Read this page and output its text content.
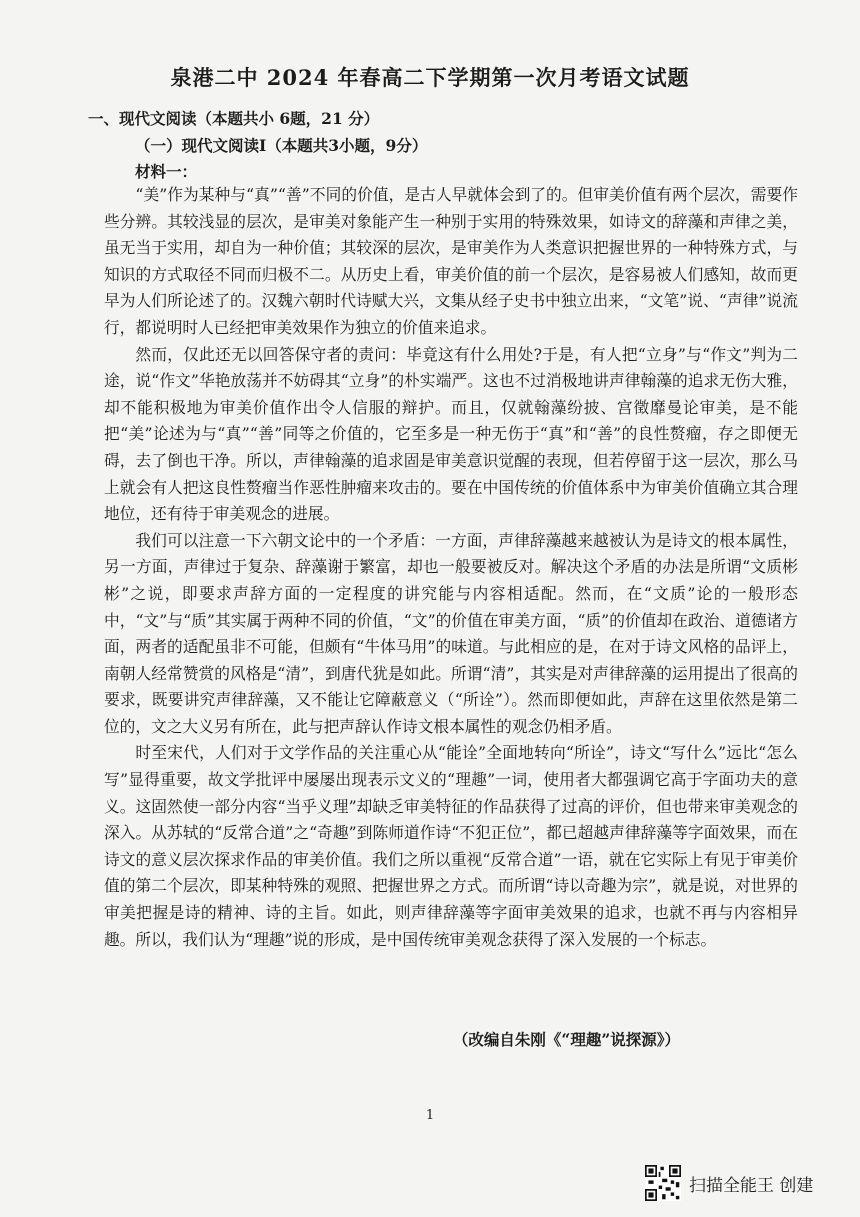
泉港二中 2024 年春高二下学期第一次月考语文试题
一、现代文阅读（本题共小 6题，21 分）
（一）现代文阅读Ⅰ（本题共3小题，9分）
材料一：

“美”作为某种与“真”“善”不同的价值，是古人早就体会到了的。但审美价值有两个层次，需要作些分辨。其较浅显的层次，是审美对象能产生一种别于实用的特殊效果，如诗文的辞藻和声律之美，虽无当于实用，却自为一种价值；其较深的层次，是审美作为人类意识把握世界的一种特殊方式，与知识的方式取径不同而归极不二。从历史上看，审美价值的前一个层次，是容易被人们感知，故而更早为人们所论述了的。汉魏六朝时代诗赋大兴，文集从经子史书中独立出来，“文笔”说、“声律”说流行，都说明时人已经把审美效果作为独立的价值来追求。

然而，仅此还无以回答保守者的责问：毕竟这有什么用处?于是，有人把“立身”与“作文”判为二途，说“作文”华艳放荡并不妨碍其“立身”的朴实端严。这也不过消极地讲声律翰藻的追求无伤大雅，却不能积极地为审美价值作出令人信服的辩护。而且，仅就翰藻纷披、宫徵靡曼论审美，是不能把“美”论述为与“真”“善”同等之价值的，它至多是一种无伤于“真”和“善”的良性赘瘤，存之即便无碍，去了倒也干净。所以，声律翰藻的追求固是审美意识觉醒的表现，但若停留于这一层次，那么马上就会有人把这良性赘瘤当作恶性肿瘤来攻击的。要在中国传统的价值体系中为审美价值确立其合理地位，还有待于审美观念的进展。

我们可以注意一下六朝文论中的一个矛盾：一方面，声律辞藻越来越被认为是诗文的根本属性，另一方面，声律过于复杂、辞藻谢于繁富，却也一般要被反对。解决这个矛盾的办法是所谓“文质彬彬”之说，即要求声辞方面的一定程度的讲究能与内容相适配。然而，在“文质”论的一般形态中，“文”与“质”其实属于两种不同的价值，“文”的价值在审美方面，“质”的价值却在政治、道德诸方面，两者的适配虽非不可能，但颇有“牛体马用”的味道。与此相应的是，在对于诗文风格的品评上，南朝人经常赞赏的风格是“清”，到唐代犹是如此。所谓“清”，其实是对声律辞藻的运用提出了很高的要求，既要讲究声律辞藻，又不能让它障蔽意义（“所诠”）。然而即便如此，声辞在这里依然是第二位的，文之大义另有所在，此与把声辞认作诗文根本属性的观念仍相矛盾。

时至宋代，人们对于文学作品的关注重心从“能诠”全面地转向“所诠”，诗文“写什么”远比“怎么写”显得重要，故文学批评中屡屡出现表示文义的“理趣”一词，使用者大都强调它高于字面功夫的意义。这固然使一部分内容“当乎义理”却缺乏审美特征的作品获得了过高的评价，但也带来审美观念的深入。从苏轼的“反常合道”之“奇趣”到陈师道作诗“不犯正位”，都已超越声律辞藻等字面效果，而在诗文的意义层次探求作品的审美价值。我们之所以重视“反常合道”一语，就在它实际上有见于审美价值的第二个层次，即某种特殊的观照、把握世界之方式。而所谓“诗以奇趣为宗”，就是说，对世界的审美把握是诗的精神、诗的主旨。如此，则声律辞藻等字面审美效果的追求，也就不再与内容相异趣。所以，我们认为“理趣”说的形成，是中国传统审美观念获得了深入发展的一个标志。

（改编自朱刚《“理趣”说探源》）
1
扫描全能王 创建
